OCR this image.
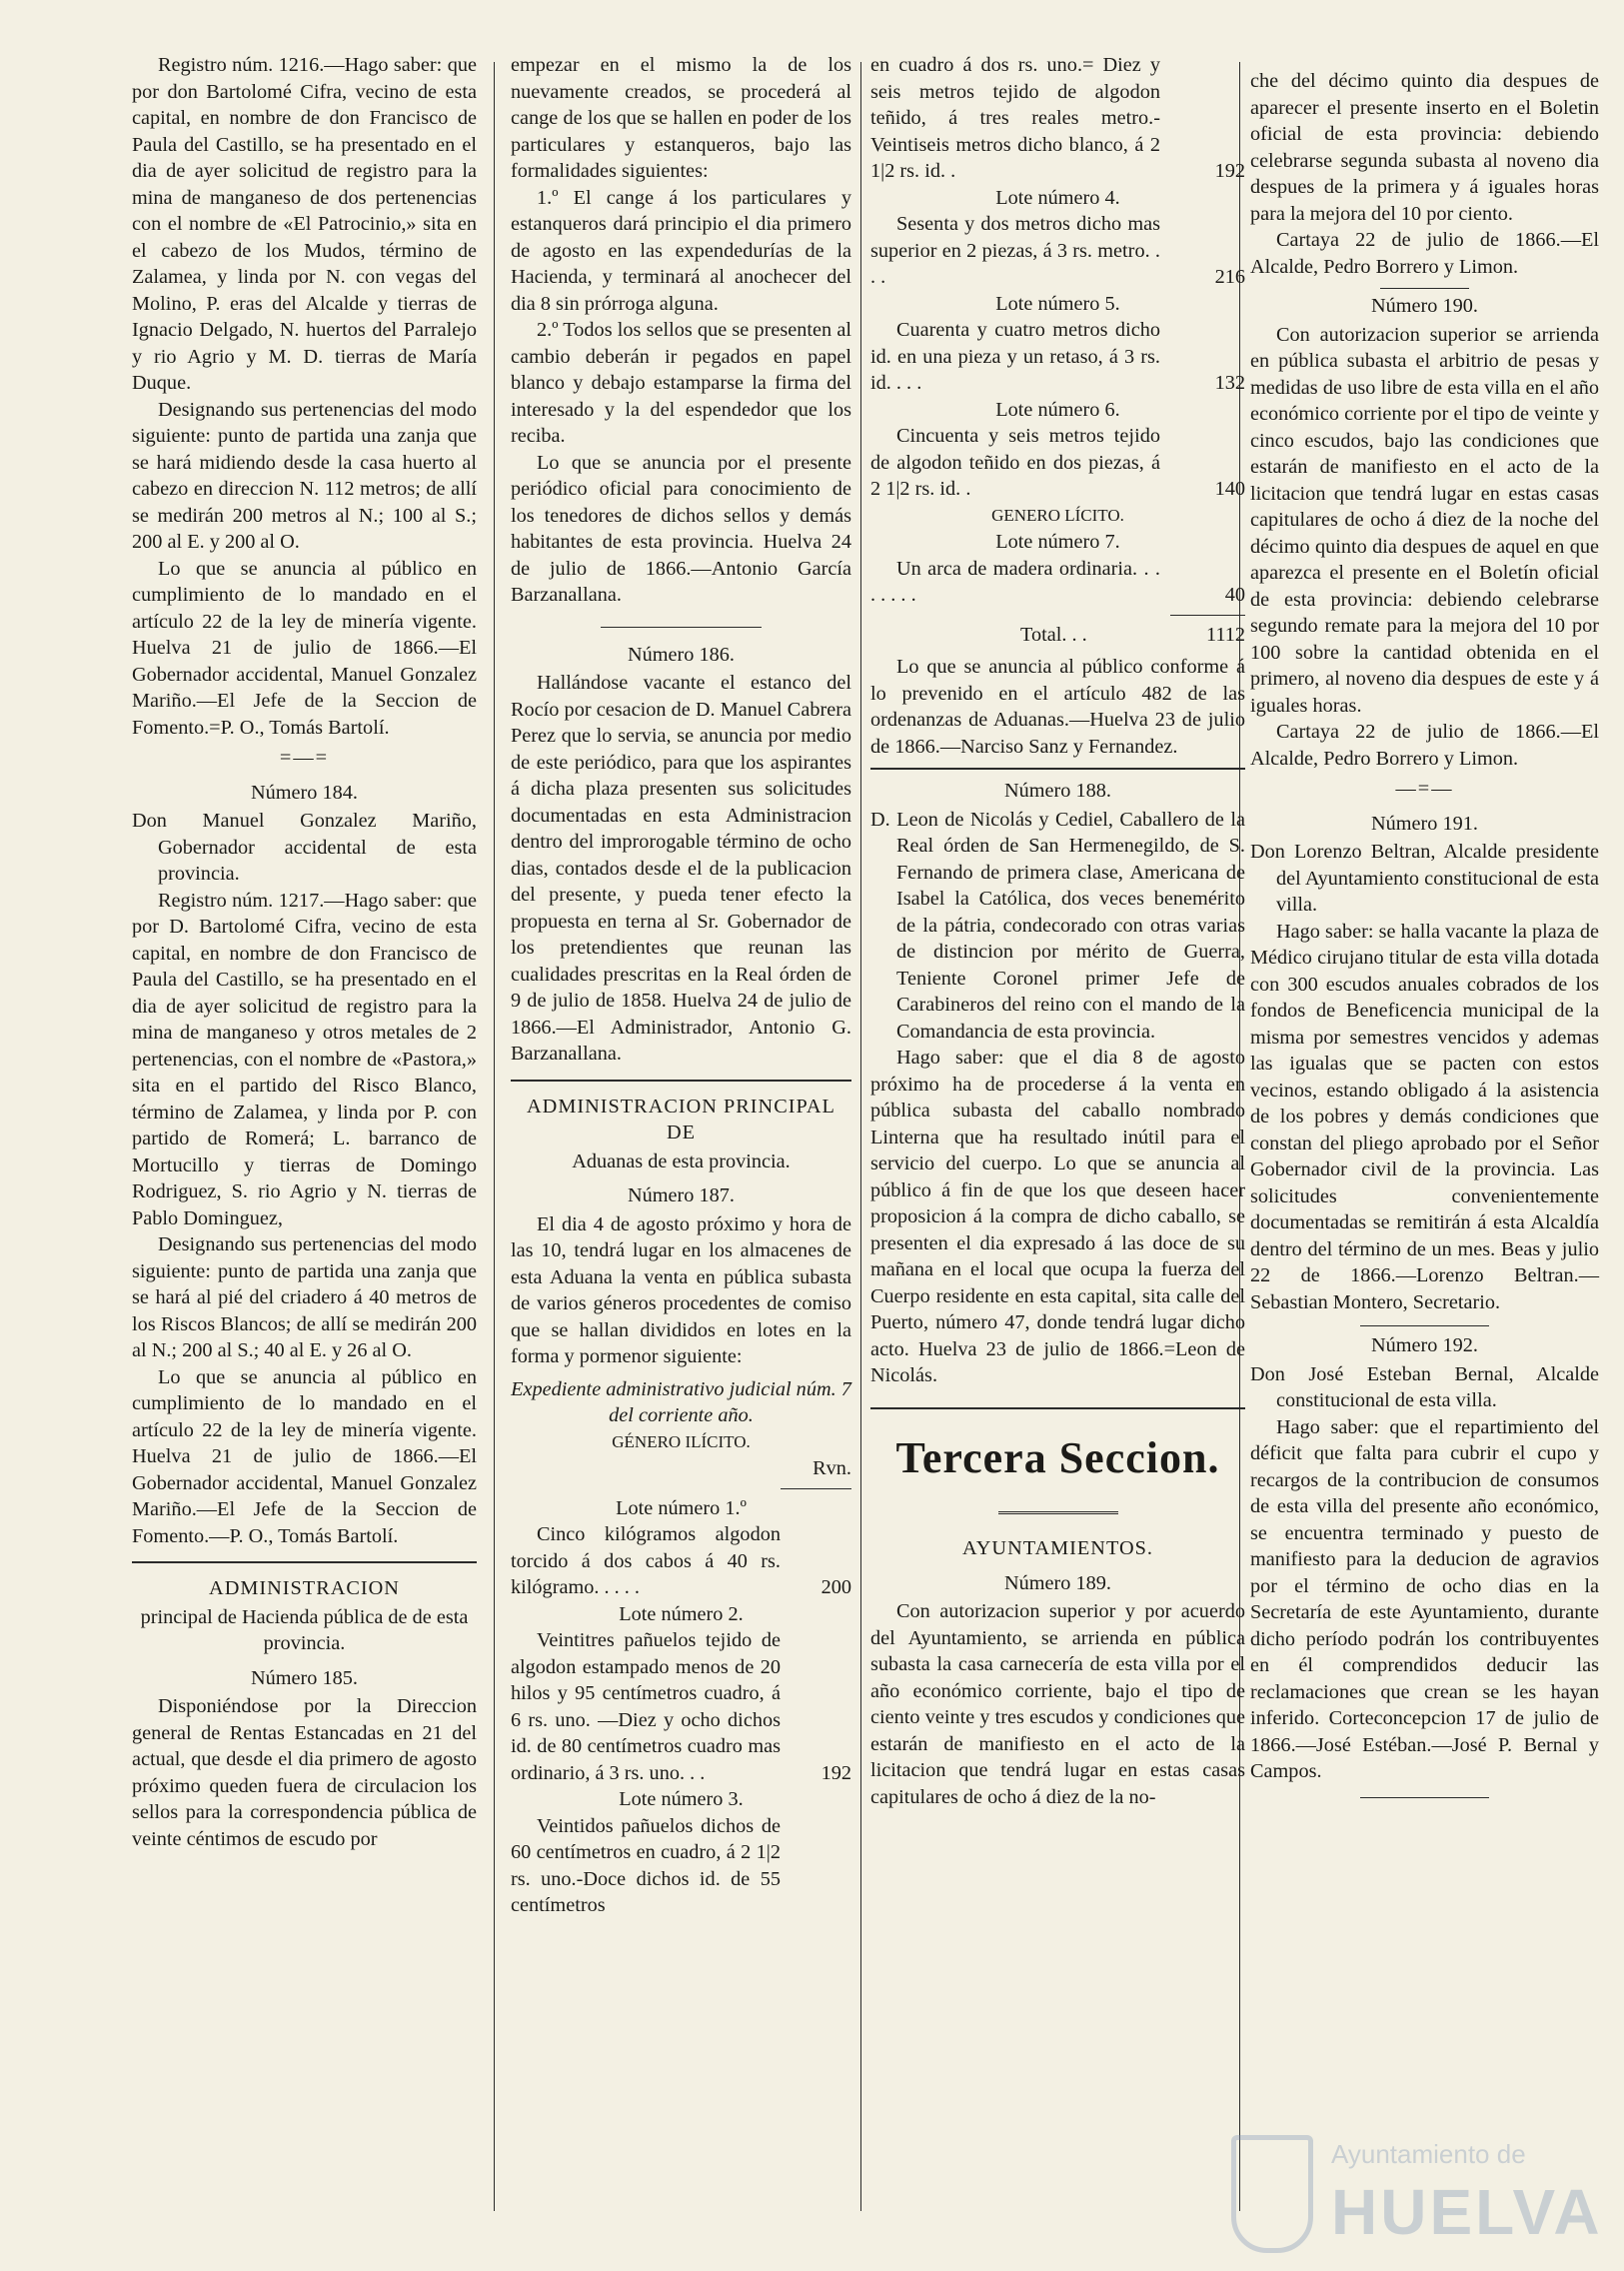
Registro núm. 1216.—Hago saber: que por don Bartolomé Cifra, vecino de esta capital, en nombre de don Francisco de Paula del Castillo, se ha presentado en el dia de ayer solicitud de registro para la mina de manganeso de dos pertenencias con el nombre de «El Patrocinio,» sita en el cabezo de los Mudos, término de Zalamea, y linda por N. con vegas del Molino, P. eras del Alcalde y tierras de Ignacio Delgado, N. huertos del Parralejo y rio Agrio y M. D. tierras de María Duque.

Designando sus pertenencias del modo siguiente: punto de partida una zanja que se hará midiendo desde la casa huerto al cabezo en direccion N. 112 metros; de allí se medirán 200 metros al N.; 100 al S.; 200 al E. y 200 al O.

Lo que se anuncia al público en cumplimiento de lo mandado en el artículo 22 de la ley de minería vigente. Huelva 21 de julio de 1866.—El Gobernador accidental, Manuel Gonzalez Mariño.—El Jefe de la Seccion de Fomento.=P. O., Tomás Bartolí.

=—=
Número 184.

Don Manuel Gonzalez Mariño, Gobernador accidental de esta provincia.

Registro núm. 1217.—Hago saber: que por D. Bartolomé Cifra, vecino de esta capital, en nombre de don Francisco de Paula del Castillo, se ha presentado en el dia de ayer solicitud de registro para la mina de manganeso y otros metales de 2 pertenencias, con el nombre de «Pastora,» sita en el partido del Risco Blanco, término de Zalamea, y linda por P. con partido de Romerá; L. barranco de Mortucillo y tierras de Domingo Rodriguez, S. rio Agrio y N. tierras de Pablo Dominguez,

Designando sus pertenencias del modo siguiente: punto de partida una zanja que se hará al pié del criadero á 40 metros de los Riscos Blancos; de allí se medirán 200 al N.; 200 al S.; 40 al E. y 26 al O.

Lo que se anuncia al público en cumplimiento de lo mandado en el artículo 22 de la ley de minería vigente. Huelva 21 de julio de 1866.—El Gobernador accidental, Manuel Gonzalez Mariño.—El Jefe de la Seccion de Fomento.—P. O., Tomás Bartolí.

ADMINISTRACION
principal de Hacienda pública de de esta provincia.
Número 185.

Disponiéndose por la Direccion general de Rentas Estancadas en 21 del actual, que desde el dia primero de agosto próximo queden fuera de circulacion los sellos para la correspondencia pública de veinte céntimos de escudo por

empezar en el mismo la de los nuevamente creados, se procederá al cange de los que se hallen en poder de los particulares y estanqueros, bajo las formalidades siguientes:

1.º El cange á los particulares y estanqueros dará principio el dia primero de agosto en las expendedurías de la Hacienda, y terminará al anochecer del dia 8 sin prórroga alguna.

2.º Todos los sellos que se presenten al cambio deberán ir pegados en papel blanco y debajo estamparse la firma del interesado y la del espendedor que los reciba.

Lo que se anuncia por el presente periódico oficial para conocimiento de los tenedores de dichos sellos y demás habitantes de esta provincia. Huelva 24 de julio de 1866.—Antonio García Barzanallana.

Número 186.

Hallándose vacante el estanco del Rocío por cesacion de D. Manuel Cabrera Perez que lo servia, se anuncia por medio de este periódico, para que los aspirantes á dicha plaza presenten sus solicitudes documentadas en esta Administracion dentro del improrogable término de ocho dias, contados desde el de la publicacion del presente, y pueda tener efecto la propuesta en terna al Sr. Gobernador de los pretendientes que reunan las cualidades prescritas en la Real órden de 9 de julio de 1858. Huelva 24 de julio de 1866.—El Administrador, Antonio G. Barzanallana.

ADMINISTRACION PRINCIPAL DE
Aduanas de esta provincia.
Número 187.

El dia 4 de agosto próximo y hora de las 10, tendrá lugar en los almacenes de esta Aduana la venta en pública subasta de varios géneros procedentes de comiso que se hallan divididos en lotes en la forma y pormenor siguiente:

Expediente administrativo judicial núm. 7 del corriente año.

GÉNERO ILÍCITO.
Rvn.
Lote número 1.º

Cinco kilógramos algodon torcido á dos cabos á 40 rs. kilógramo. . . . .	200
Lote número 2.

Veintitres pañuelos tejido de algodon estampado menos de 20 hilos y 95 centímetros cuadro, á 6 rs. uno. —Diez y ocho dichos id. de 80 centímetros cuadro mas ordinario, á 3 rs. uno. . .	192
Lote número 3.

Veintidos pañuelos dichos de 60 centímetros en cuadro, á 2 1|2 rs. uno.-Doce dichos id. de 55 centímetros

en cuadro á dos rs. uno.= Diez y seis metros tejido de algodon teñido, á tres reales metro.-Veintiseis metros dicho blanco, á 2 1|2 rs. id. .	192
Lote número 4.

Sesenta y dos metros dicho mas superior en 2 piezas, á 3 rs. metro. . . .	216
Lote número 5.

Cuarenta y cuatro metros dicho id. en una pieza y un retaso, á 3 rs. id. . . .	132
Lote número 6.

Cincuenta y seis metros tejido de algodon teñido en dos piezas, á 2 1|2 rs. id. .	140
GENERO LÍCITO.
Lote número 7.

Un arca de madera ordinaria. . . . . . . .	40
Total. . .	1112

Lo que se anuncia al público conforme á lo prevenido en el artículo 482 de las ordenanzas de Aduanas.—Huelva 23 de julio de 1866.—Narciso Sanz y Fernandez.

Número 188.

D. Leon de Nicolás y Cediel, Caballero de la Real órden de San Hermenegildo, de S. Fernando de primera clase, Americana de Isabel la Católica, dos veces benemérito de la pátria, condecorado con otras varias de distincion por mérito de Guerra, Teniente Coronel primer Jefe de Carabineros del reino con el mando de la Comandancia de esta provincia.

Hago saber: que el dia 8 de agosto próximo ha de procederse á la venta en pública subasta del caballo nombrado Linterna que ha resultado inútil para el servicio del cuerpo. Lo que se anuncia al público á fin de que los que deseen hacer proposicion á la compra de dicho caballo, se presenten el dia expresado á las doce de su mañana en el local que ocupa la fuerza del Cuerpo residente en esta capital, sita calle del Puerto, número 47, donde tendrá lugar dicho acto. Huelva 23 de julio de 1866.=Leon de Nicolás.

Tercera Seccion.
AYUNTAMIENTOS.
Número 189.

Con autorizacion superior y por acuerdo del Ayuntamiento, se arrienda en pública subasta la casa carnecería de esta villa por el año económico corriente, bajo el tipo de ciento veinte y tres escudos y condiciones que estarán de manifiesto en el acto de la licitacion que tendrá lugar en estas casas capitulares de ocho á diez de la no-

che del décimo quinto dia despues de aparecer el presente inserto en el Boletin oficial de esta provincia: debiendo celebrarse segunda subasta al noveno dia despues de la primera y á iguales horas para la mejora del 10 por ciento.

Cartaya 22 de julio de 1866.—El Alcalde, Pedro Borrero y Limon.

Número 190.

Con autorizacion superior se arrienda en pública subasta el arbitrio de pesas y medidas de uso libre de esta villa en el año económico corriente por el tipo de veinte y cinco escudos, bajo las condiciones que estarán de manifiesto en el acto de la licitacion que tendrá lugar en estas casas capitulares de ocho á diez de la noche del décimo quinto dia despues de aquel en que aparezca el presente en el Boletín oficial de esta provincia: debiendo celebrarse segundo remate para la mejora del 10 por 100 sobre la cantidad obtenida en el primero, al noveno dia despues de este y á iguales horas.

Cartaya 22 de julio de 1866.—El Alcalde, Pedro Borrero y Limon.

—=—
Número 191.

Don Lorenzo Beltran, Alcalde presidente del Ayuntamiento constitucional de esta villa.

Hago saber: se halla vacante la plaza de Médico cirujano titular de esta villa dotada con 300 escudos anuales cobrados de los fondos de Beneficencia municipal de la misma por semestres vencidos y ademas las igualas que se pacten con estos vecinos, estando obligado á la asistencia de los pobres y demás condiciones que constan del pliego aprobado por el Señor Gobernador civil de la provincia. Las solicitudes convenientemente documentadas se remitirán á esta Alcaldía dentro del término de un mes. Beas y julio 22 de 1866.—Lorenzo Beltran.—Sebastian Montero, Secretario.

Número 192.

Don José Esteban Bernal, Alcalde constitucional de esta villa.

Hago saber: que el repartimiento del déficit que falta para cubrir el cupo y recargos de la contribucion de consumos de esta villa del presente año económico, se encuentra terminado y puesto de manifiesto para la deducion de agravios por el término de ocho dias en la Secretaría de este Ayuntamiento, durante dicho período podrán los contribuyentes en él comprendidos deducir las reclamaciones que crean se les hayan inferido. Corteconcepcion 17 de julio de 1866.—José Estéban.—José P. Bernal y Campos.

Ayuntamiento de
HUELVA
